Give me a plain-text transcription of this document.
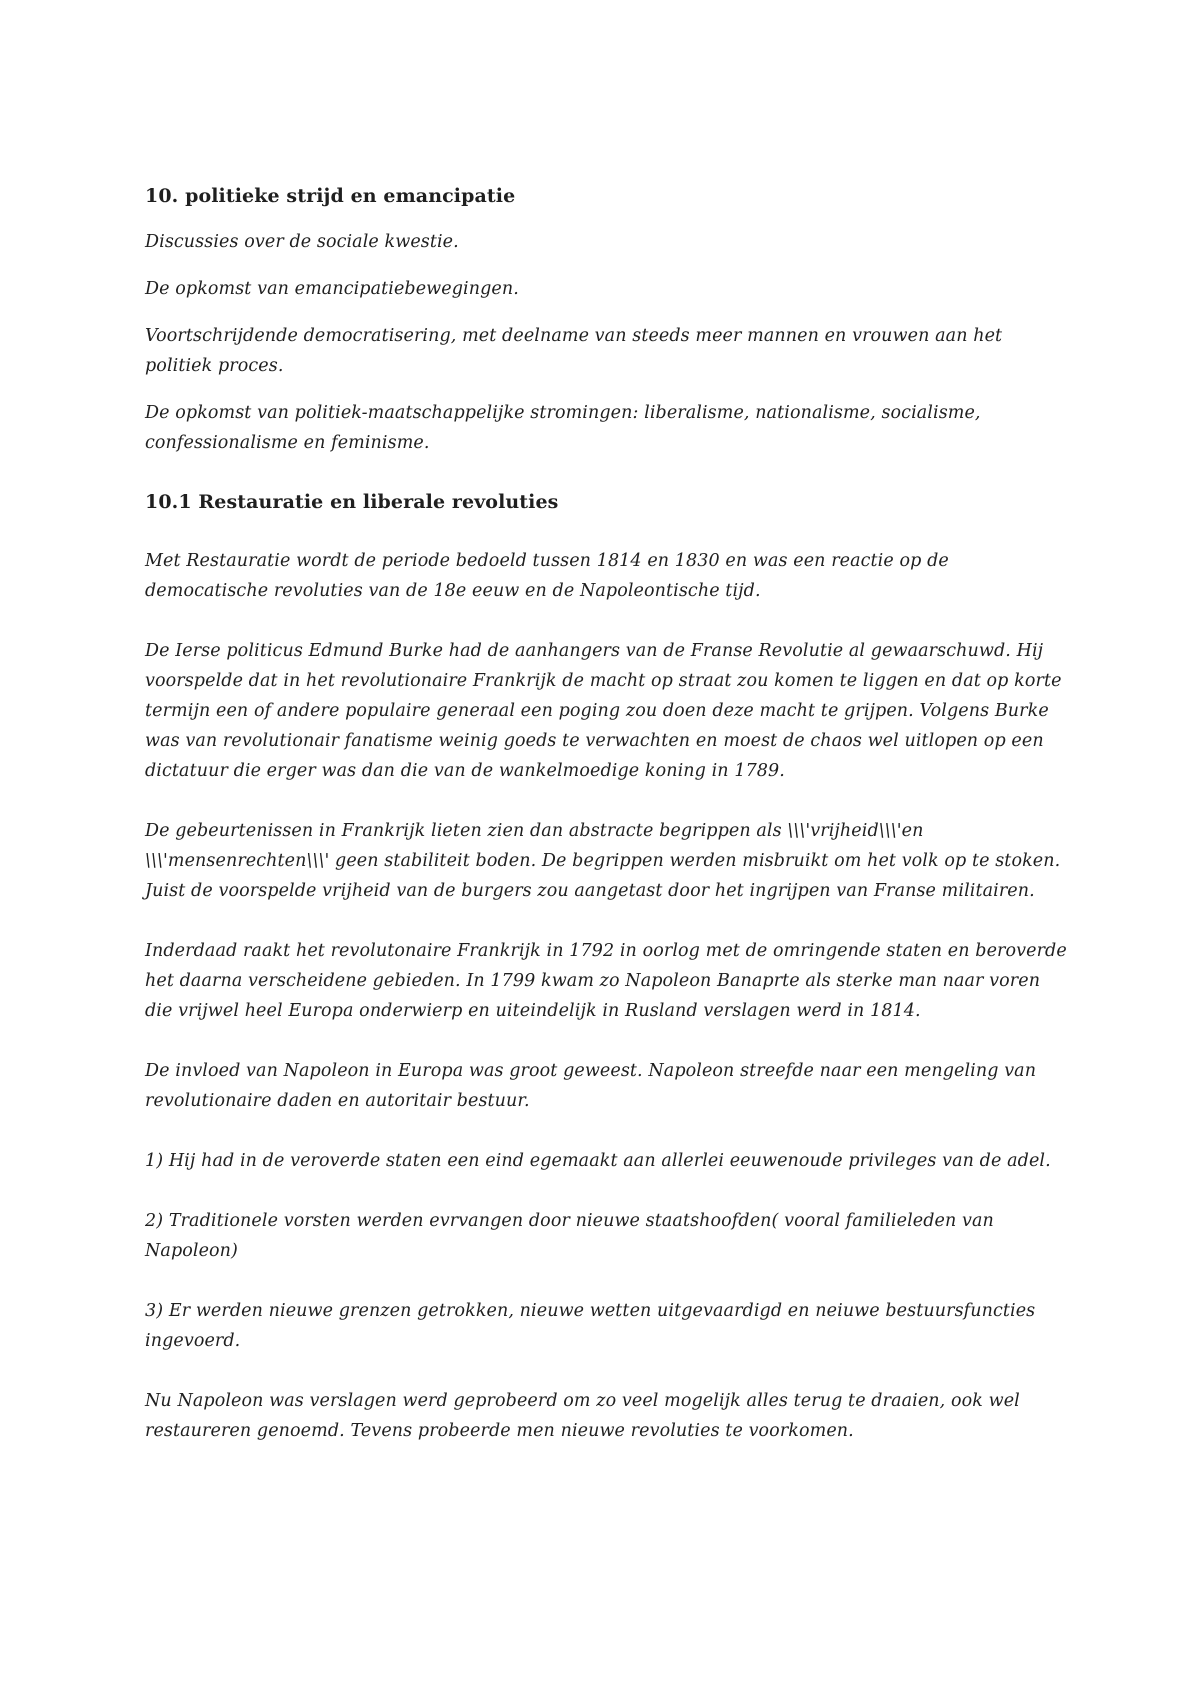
10. politieke strijd en emancipatie

Discussies over de sociale kwestie.

De opkomst van emancipatiebewegingen.

Voortschrijdende democratisering, met deelname van steeds meer mannen en vrouwen aan het politiek proces.

De opkomst van politiek-maatschappelijke stromingen: liberalisme, nationalisme, socialisme, confessionalisme en feminisme.

10.1 Restauratie en liberale revoluties

Met Restauratie wordt de periode bedoeld tussen 1814 en 1830 en was een reactie op de democatische revoluties van de 18e eeuw en de Napoleontische tijd.

De Ierse politicus Edmund Burke had de aanhangers van de Franse Revolutie al gewaarschuwd. Hij voorspelde dat in het revolutionaire Frankrijk de macht op straat zou komen te liggen en dat op korte termijn een of andere populaire generaal een poging zou doen deze macht te grijpen. Volgens Burke was van revolutionair fanatisme weinig goeds te verwachten en moest de chaos wel uitlopen op een dictatuur die erger was dan die van de wankelmoedige koning in 1789.

De gebeurtenissen in Frankrijk lieten zien dan abstracte begrippen als \\\'vrijheid\\\'en \\\'mensenrechten\\\' geen stabiliteit boden. De begrippen werden misbruikt om het volk op te stoken. Juist de voorspelde vrijheid van de burgers zou aangetast door het ingrijpen van Franse militairen.

Inderdaad raakt het revolutonaire Frankrijk in 1792 in oorlog met de omringende staten en beroverde het daarna verscheidene gebieden. In 1799 kwam zo Napoleon Banaprte als sterke man naar voren die vrijwel heel Europa onderwierp en uiteindelijk in Rusland verslagen werd in 1814.

De invloed van Napoleon in Europa was groot geweest. Napoleon streefde naar een mengeling van revolutionaire daden en autoritair bestuur.

1) Hij had in de veroverde staten een eind egemaakt aan allerlei eeuwenoude privileges van de adel.

2) Traditionele vorsten werden evrvangen door nieuwe staatshoofden( vooral familieleden van Napoleon)

3) Er werden nieuwe grenzen getrokken, nieuwe wetten uitgevaardigd en neiuwe bestuursfuncties ingevoerd.

Nu Napoleon was verslagen werd geprobeerd om zo veel mogelijk alles terug te draaien, ook wel restaureren genoemd. Tevens probeerde men nieuwe revoluties te voorkomen.
